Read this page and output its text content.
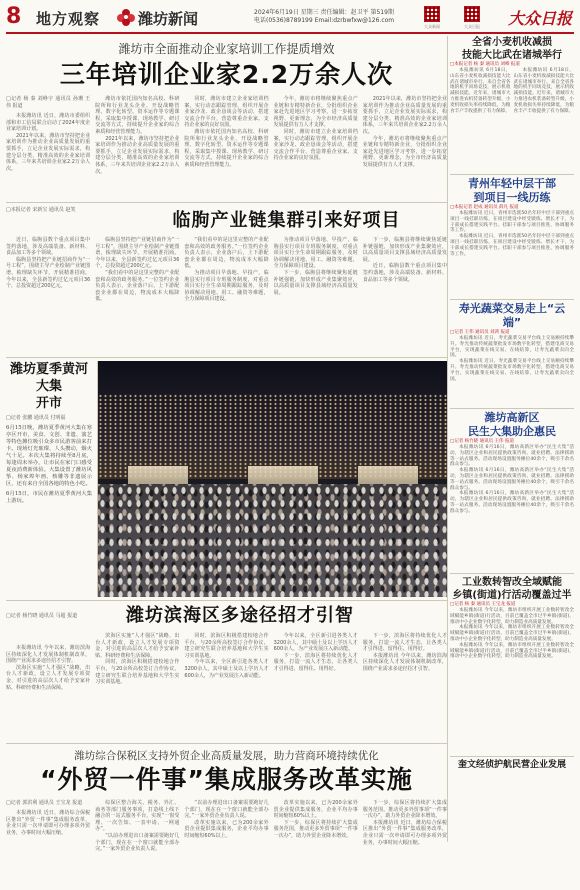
8 地方观察	潍坊新闻	2024年6月19日 星期三 责任编辑：赵卫平 第519期
电话(0536)8789199 Email:dzrbwfxw@126.com
大众新闻	大众日报 大众日报
潍坊市全面推动企业家培训工作提质增效
三年培训企业家2.2万余人次
□记者 杨 秦 刘峥宇 通讯员 孙珊 王伟 报道

本报潍坊讯 近日，潍坊市委组织部和市工信局联合启动了2024年度企业家培训计划。

2021年以来，潍坊市坚持把企业家培训作为推动企业高质量发展的重要抓手，立足企业发展实际需求，构建分层分类、精准高效的企业家培训体系，三年来共培训企业家2.2万余人次。

潍坊市依托国内知名高校、科研院所和行业龙头企业，开设战略管理、数字化转型、资本运作等专题课程，采取集中授课、现场教学、研讨交流等方式，持续提升企业家的综合素质和经营管理能力。

2021年以来，潍坊市坚持把企业家培训作为推动企业高质量发展的重要抓手，立足企业发展实际需求，构建分层分类、精准高效的企业家培训体系，三年来共培训企业家2.2万余人次。

同时，潍坊市建立企业家培训档案，实行动态跟踪管理，组织开展企业家沙龙、政企恳谈会等活动，搭建交流合作平台，营造尊重企业家、支持企业家的良好氛围。

潍坊市依托国内知名高校、科研院所和行业龙头企业，开设战略管理、数字化转型、资本运作等专题课程，采取集中授课、现场教学、研讨交流等方式，持续提升企业家的综合素质和经营管理能力。

今年，潍坊市将继续聚焦重点产业链和专精特新企业，分批组织企业家赴先进地区学习考察，进一步拓宽视野、更新理念，为全市经济高质量发展提供有力人才支撑。

同时，潍坊市建立企业家培训档案，实行动态跟踪管理，组织开展企业家沙龙、政企恳谈会等活动，搭建交流合作平台，营造尊重企业家、支持企业家的良好氛围。

2021年以来，潍坊市坚持把企业家培训作为推动企业高质量发展的重要抓手，立足企业发展实际需求，构建分层分类、精准高效的企业家培训体系，三年来共培训企业家2.2万余人次。

今年，潍坊市将继续聚焦重点产业链和专精特新企业，分批组织企业家赴先进地区学习考察，进一步拓宽视野、更新理念，为全市经济高质量发展提供有力人才支撑。

□本报记者 宋新宝 通讯员 赵笑	临朐产业链集群引来好项目

近日，临朐县数个重点项目集中签约落地，涉及高端装备、新材料、食品加工等多个领域。

临朐县坚持把产业链招商作为“一号工程”，围绕主导产业绘制产业链图谱，梳理缺失环节，开展精准招商。今年以来，全县新签约过亿元项目36个，总投资超过200亿元。

临朐县坚持把产业链招商作为“一号工程”，围绕主导产业绘制产业链图谱，梳理缺失环节，开展精准招商。今年以来，全县新签约过亿元项目36个，总投资超过200亿元。

“我们看中的是这里完整的产业配套和高效的政务服务。”一位签约企业负责人表示，企业落户后，上下游配套企业都在周边，物流成本大幅降低。

“我们看中的是这里完整的产业配套和高效的政务服务。”一位签约企业负责人表示，企业落户后，上下游配套企业都在周边，物流成本大幅降低。

为推动项目早落地、早投产，临朐县实行项目专班服务制度，对重点项目实行全生命周期跟踪服务，及时协调解决用地、用工、融资等难题，全力保障项目建设。

为推动项目早落地、早投产，临朐县实行项目专班服务制度，对重点项目实行全生命周期跟踪服务，及时协调解决用地、用工、融资等难题，全力保障项目建设。

下一步，临朐县将继续聚焦延链补链强链，加快形成产业集聚效应，以高质量项目支撑县域经济高质量发展。

下一步，临朐县将继续聚焦延链补链强链，加快形成产业集聚效应，以高质量项目支撑县域经济高质量发展。

近日，临朐县数个重点项目集中签约落地，涉及高端装备、新材料、食品加工等多个领域。

潍坊夏季黄河大集
开市
□记者 张鹏 通讯员 付明福

6月15日晚，潍坊夏季黄河大集在寒亭区开市，美食、文创、非遗、演艺等特色摊位吸引众多市民游客前来打卡。现场灯光璀璨、人头攒动，烟火气十足。本次大集将持续至8月底，每逢周末举办，让市民在家门口感受夏夜消费新体验。大集设置了潍坊风筝、杨家埠年画、核雕等非遗展示区，还有来自全国各地的特色小吃。

6月15日，市民在潍坊夏季黄河大集上游玩。

潍坊滨海区多途径招才引智
□记者 杨竹晓 通讯员 马超 报道

本报潍坊讯 今年以来，潍坊滨海区持续深化人才发展体制机制改革，围绕产业需求多途径招才引智。

滨海区实施“人才强区”战略，出台人才新政，设立人才发展专项资金，对引进的高层次人才给予安家补贴、科研经费和生活保障。

滨海区实施“人才强区”战略，出台人才新政，设立人才发展专项资金，对引进的高层次人才给予安家补贴、科研经费和生活保障。

同时，滨海区积极搭建校地合作平台，与20余所高校签订合作协议，建立研究生联合培养基地和大学生实习实训基地。

同时，滨海区积极搭建校地合作平台，与20余所高校签订合作协议，建立研究生联合培养基地和大学生实习实训基地。

今年以来，全区新引进各类人才3200余人，其中硕士及以上学历人才600余人，为产业发展注入新动能。

今年以来，全区新引进各类人才3200余人，其中硕士及以上学历人才600余人，为产业发展注入新动能。

下一步，滨海区将持续优化人才服务，打造一流人才生态，让各类人才引得进、留得住、用得好。

下一步，滨海区将持续优化人才服务，打造一流人才生态，让各类人才引得进、留得住、用得好。

本报潍坊讯 今年以来，潍坊滨海区持续深化人才发展体制机制改革，围绕产业需求多途径招才引智。

潍坊综合保税区支持外贸企业高质量发展，助力营商环境持续优化
“外贸一件事”集成服务改革实施
□记者 郭洪利 通讯员 王宝龙 报道

本报潍坊讯 近日，潍坊综合保税区推出“外贸一件事”集成服务改革，企业只需一次申请即可办理多项外贸业务，办事时间大幅压缩。

综保区整合海关、税务、外汇、商务等部门服务事项，打造线上线下融合的一站式服务平台，实现“一窗受理、一次告知、一表申请、一网通办”。

“以前办理进出口备案需要跑好几个部门，现在在一个窗口就能全部办完。”一家外贸企业负责人说。

“以前办理进出口备案需要跑好几个部门，现在在一个窗口就能全部办完。”一家外贸企业负责人说。

改革实施以来，已为200余家外贸企业提供集成服务，企业平均办事时间缩短60%以上。

改革实施以来，已为200余家外贸企业提供集成服务，企业平均办事时间缩短60%以上。

下一步，综保区将持续扩大集成服务范围，推动更多外贸事项“一件事一次办”，助力外贸企业降本增效。

下一步，综保区将持续扩大集成服务范围，推动更多外贸事项“一件事一次办”，助力外贸企业降本增效。

本报潍坊讯 近日，潍坊综合保税区推出“外贸一件事”集成服务改革，企业只需一次申请即可办理多项外贸业务，办事时间大幅压缩。

全省小麦机收减损
技能大比武在诸城举行
□本报记者 杨 秦 通讯员 刘峰 报道

本报潍坊讯 6月18日，山东省小麦机收减损技能大比武在诸城市举行。来自全省各地的机手同场竞技，展示机收减损技能。近年来，诸城市大力推进农机装备转型升级，小麦机收损失率持续降低，为粮食丰产丰收提供了有力保障。

本报潍坊讯 6月18日，山东省小麦机收减损技能大比武在诸城市举行。来自全省各地的机手同场竞技，展示机收减损技能。近年来，诸城市大力推进农机装备转型升级，小麦机收损失率持续降低，为粮食丰产丰收提供了有力保障。

青州年轻中层干部
到项目一线历练
□本报记者 赵成 通讯员 薛凡 报道

本报潍坊讯 近日，青州市选派50名年轻中层干部到重点项目一线挂职历练，在项目建设中经受锻炼、增长才干，为干部成长搭建实践平台。挂职干部参与项目推进、协调服务等工作。

本报潍坊讯 近日，青州市选派50名年轻中层干部到重点项目一线挂职历练，在项目建设中经受锻炼、增长才干，为干部成长搭建实践平台。挂职干部参与项目推进、协调服务等工作。

寿光蔬菜交易走上“云端”
□记者 王伟 通讯员 刘鸿 报道

本报潍坊讯 近日，寿光蔬菜交易平台线上交易额持续攀升。寿光推动传统蔬菜批发市场数字化转型，搭建电商交易平台，实现蔬菜在线交易、在线结算，让寿光蔬菜卖向全国。

本报潍坊讯 近日，寿光蔬菜交易平台线上交易额持续攀升。寿光推动传统蔬菜批发市场数字化转型，搭建电商交易平台，实现蔬菜在线交易、在线结算，让寿光蔬菜卖向全国。

潍坊高新区
民生大集助企惠民
□记者 杨竹晓 通讯员 王伟 报道

本报潍坊讯 6月16日，潍坊高新区举办“民生大集”活动，为辖区企业和居民提供政策咨询、就业招聘、法律援助等一站式服务。活动现场设置服务摊位40余个，吸引千余名群众参与。

本报潍坊讯 6月16日，潍坊高新区举办“民生大集”活动，为辖区企业和居民提供政策咨询、就业招聘、法律援助等一站式服务。活动现场设置服务摊位40余个，吸引千余名群众参与。

本报潍坊讯 6月16日，潍坊高新区举办“民生大集”活动，为辖区企业和居民提供政策咨询、就业招聘、法律援助等一站式服务。活动现场设置服务摊位40余个，吸引千余名群众参与。

工业数转智改全域赋能
乡镇(街道)行活动覆盖过半
□记者 杨 秦 通讯员 王宝龙 报道

本报潍坊讯 今年以来，潍坊市组织开展工业数转智改全域赋能乡镇(街道)行活动，目前已覆盖全市过半乡镇(街道)，推动中小企业数字化转型，助力制造业高质量发展。

本报潍坊讯 今年以来，潍坊市组织开展工业数转智改全域赋能乡镇(街道)行活动，目前已覆盖全市过半乡镇(街道)，推动中小企业数字化转型，助力制造业高质量发展。

本报潍坊讯 今年以来，潍坊市组织开展工业数转智改全域赋能乡镇(街道)行活动，目前已覆盖全市过半乡镇(街道)，推动中小企业数字化转型，助力制造业高质量发展。

奎文经侦护航民营企业发展
